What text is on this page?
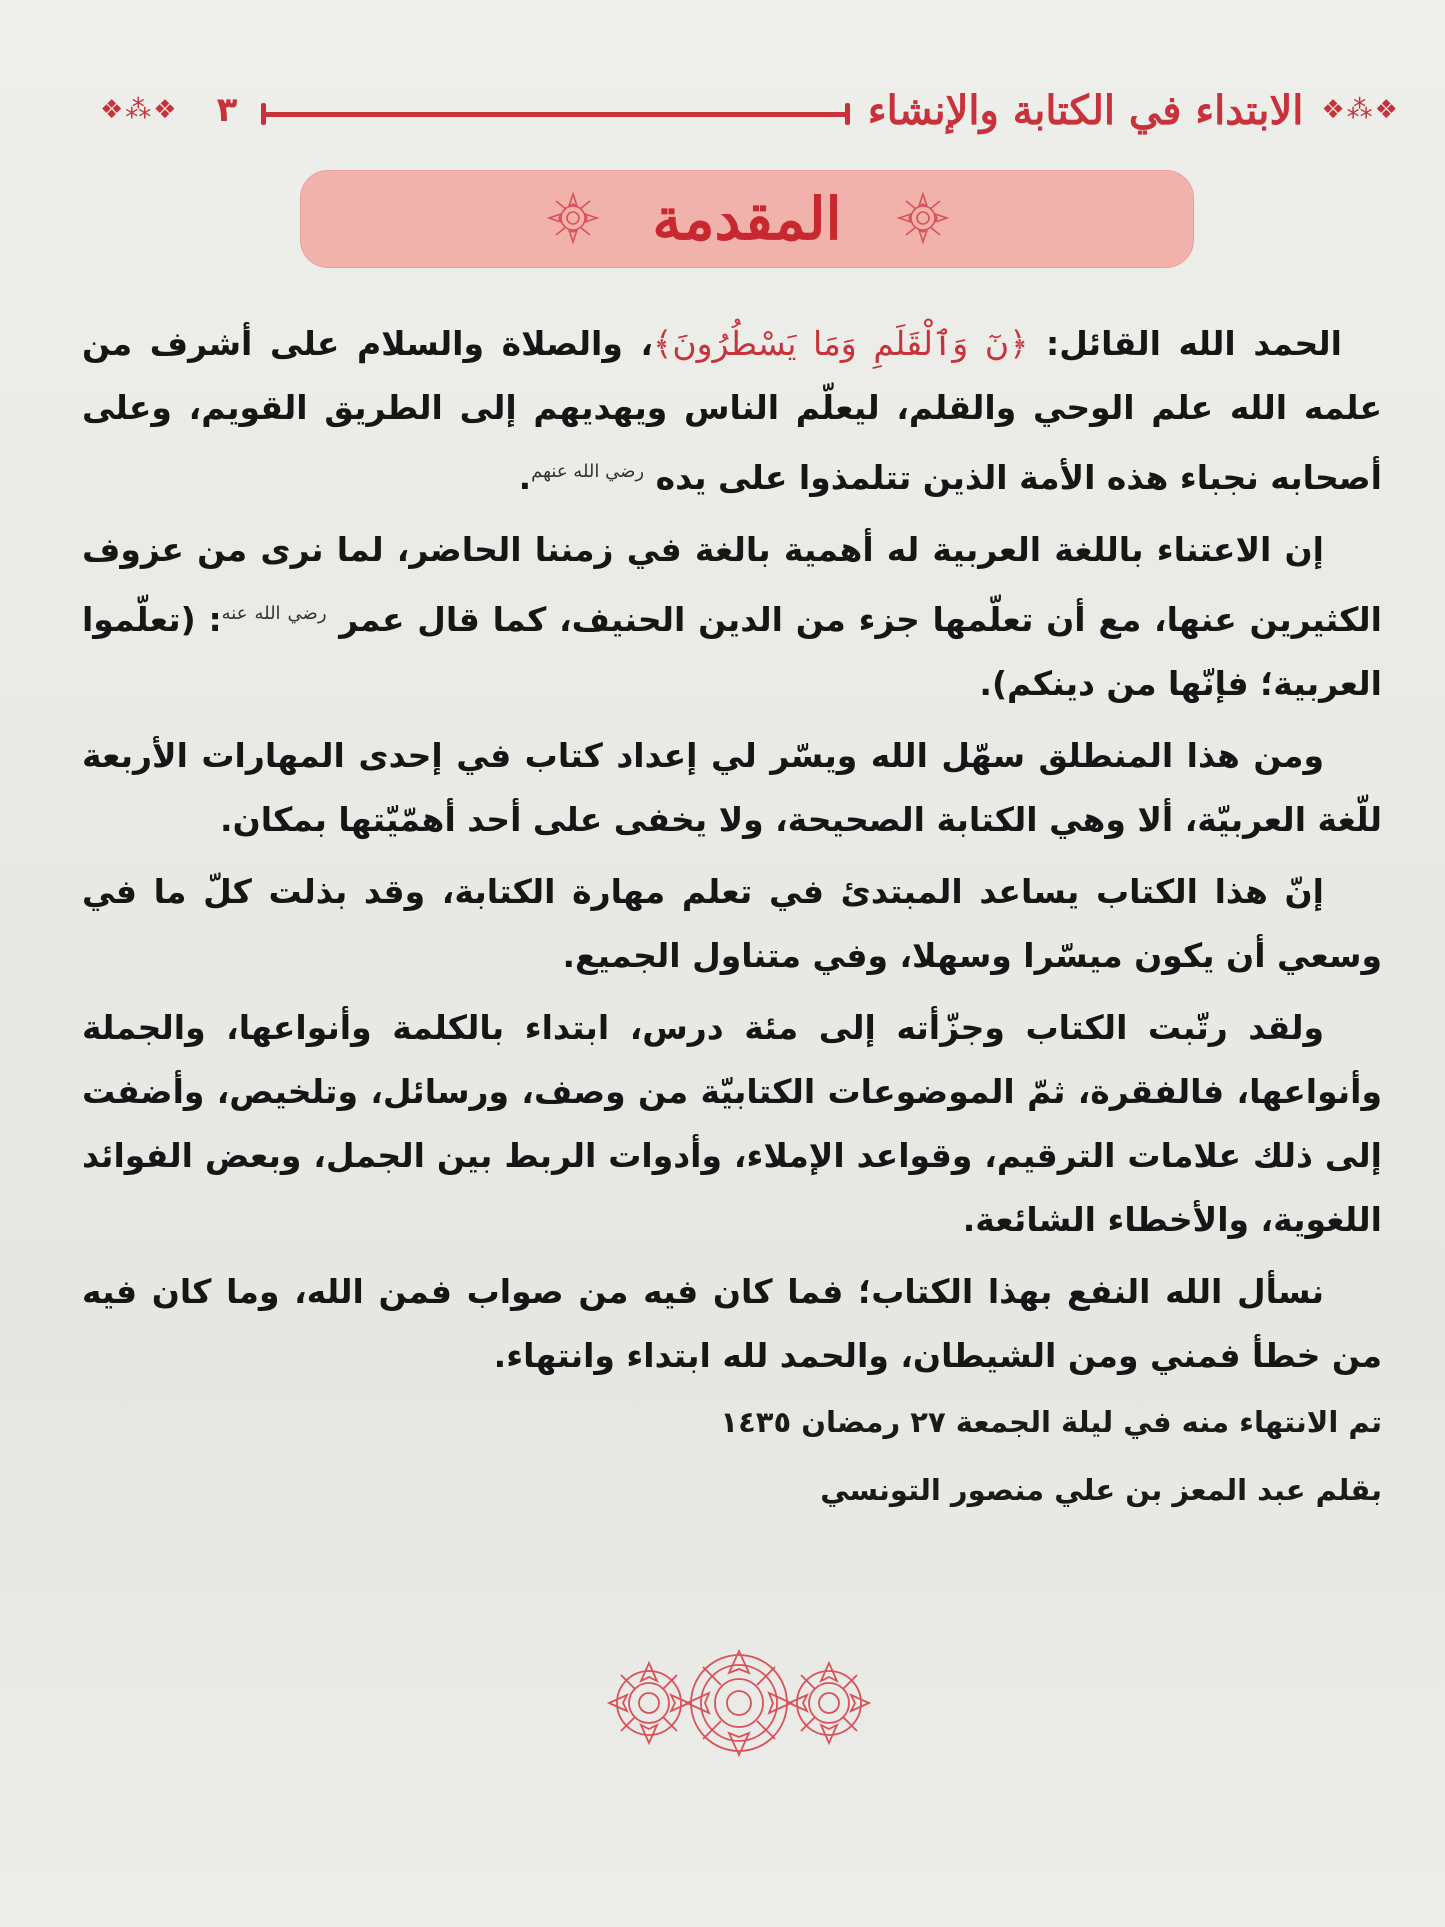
❖⁂❖ ٣	الابتداء في الكتابة والإنشاء ❖⁂❖
المقدمة

الحمد الله القائل: ﴿نٓ وَٱلْقَلَمِ وَمَا يَسْطُرُونَ﴾، والصلاة والسلام على أشرف من علمه الله علم الوحي والقلم، ليعلّم الناس ويهديهم إلى الطريق القويم، وعلى أصحابه نجباء هذه الأمة الذين تتلمذوا على يده $^{رضي الله عنهم}$.

إن الاعتناء باللغة العربية له أهمية بالغة في زمننا الحاضر، لما نرى من عزوف الكثيرين عنها، مع أن تعلّمها جزء من الدين الحنيف، كما قال عمر $^{رضي الله عنه}$: (تعلّموا العربية؛ فإنّها من دينكم).

ومن هذا المنطلق سهّل الله ويسّر لي إعداد كتاب في إحدى المهارات الأربعة للّغة العربيّة، ألا وهي الكتابة الصحيحة، ولا يخفى على أحد أهمّيّتها بمكان.

إنّ هذا الكتاب يساعد المبتدئ في تعلم مهارة الكتابة، وقد بذلت كلّ ما في وسعي أن يكون ميسّرا وسهلا، وفي متناول الجميع.

ولقد رتّبت الكتاب وجزّأته إلى مئة درس، ابتداء بالكلمة وأنواعها، والجملة وأنواعها، فالفقرة، ثمّ الموضوعات الكتابيّة من وصف، ورسائل، وتلخيص، وأضفت إلى ذلك علامات الترقيم، وقواعد الإملاء، وأدوات الربط بين الجمل، وبعض الفوائد اللغوية، والأخطاء الشائعة.

نسأل الله النفع بهذا الكتاب؛ فما كان فيه من صواب فمن الله، وما كان فيه من خطأ فمني ومن الشيطان، والحمد لله ابتداء وانتهاء.

تم الانتهاء منه في ليلة الجمعة ٢٧ رمضان ١٤٣٥
بقلم عبد المعز بن علي منصور التونسي
